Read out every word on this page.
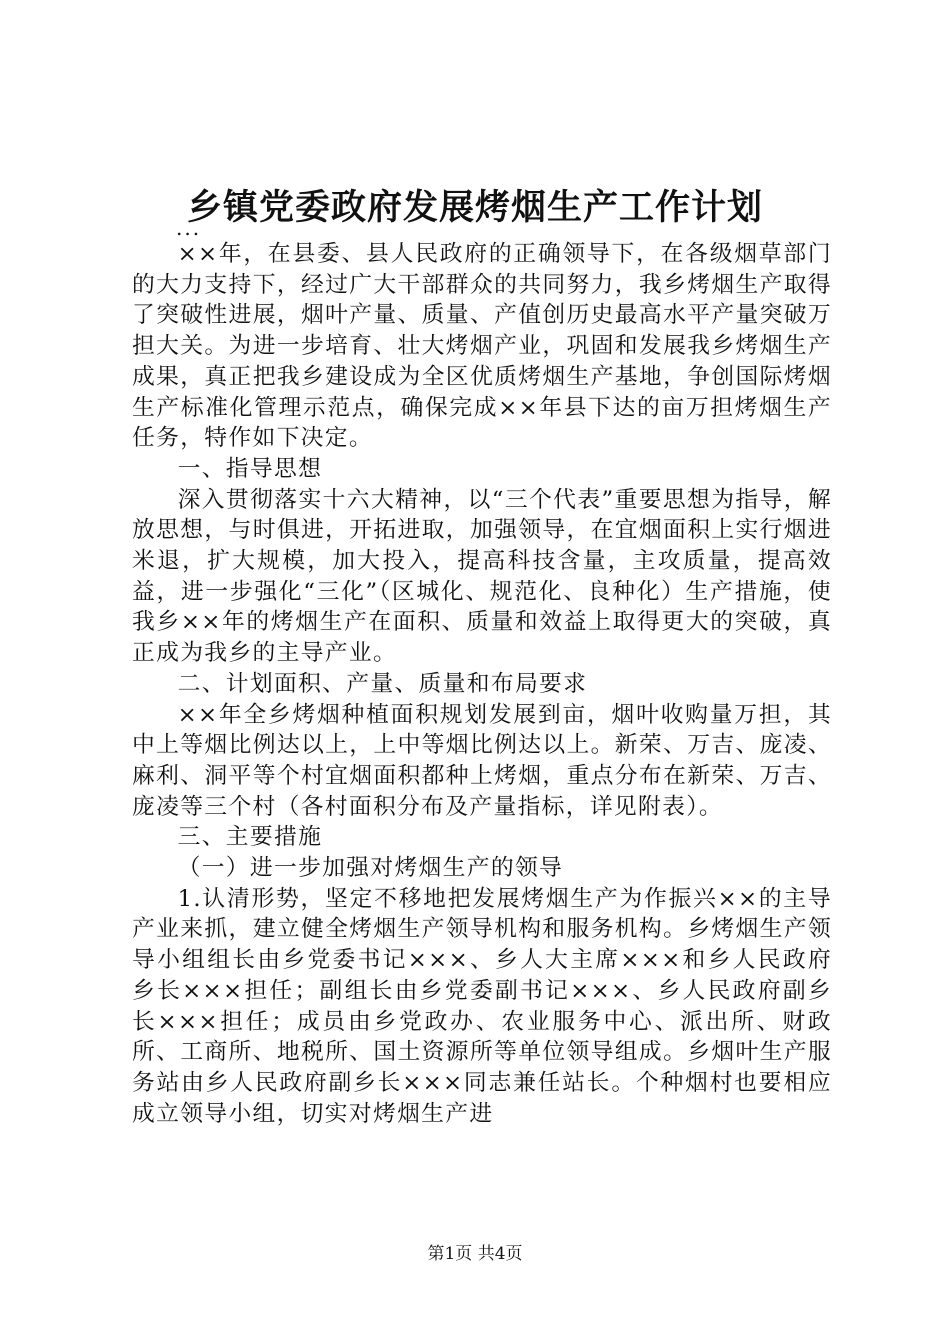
乡镇党委政府发展烤烟生产工作计划
...

××年，在县委、县人民政府的正确领导下，在各级烟草部门的大力支持下，经过广大干部群众的共同努力，我乡烤烟生产取得了突破性进展，烟叶产量、质量、产值创历史最高水平产量突破万担大关。为进一步培育、壮大烤烟产业，巩固和发展我乡烤烟生产成果，真正把我乡建设成为全区优质烤烟生产基地，争创国际烤烟生产标准化管理示范点，确保完成××年县下达的亩万担烤烟生产任务，特作如下决定。

一、指导思想

深入贯彻落实十六大精神，以“三个代表”重要思想为指导，解放思想，与时俱进，开拓进取，加强领导，在宜烟面积上实行烟进米退，扩大规模，加大投入，提高科技含量，主攻质量，提高效益，进一步强化“三化”（区城化、规范化、良种化）生产措施，使我乡××年的烤烟生产在面积、质量和效益上取得更大的突破，真正成为我乡的主导产业。

二、计划面积、产量、质量和布局要求

××年全乡烤烟种植面积规划发展到亩，烟叶收购量万担，其中上等烟比例达以上，上中等烟比例达以上。新荣、万吉、庞凌、麻利、洞平等个村宜烟面积都种上烤烟，重点分布在新荣、万吉、庞凌等三个村（各村面积分布及产量指标，详见附表）。

三、主要措施

（一）进一步加强对烤烟生产的领导

1.认清形势，坚定不移地把发展烤烟生产为作振兴××的主导产业来抓，建立健全烤烟生产领导机构和服务机构。乡烤烟生产领导小组组长由乡党委书记×××、乡人大主席×××和乡人民政府乡长×××担任；副组长由乡党委副书记×××、乡人民政府副乡长×××担任；成员由乡党政办、农业服务中心、派出所、财政所、工商所、地税所、国土资源所等单位领导组成。乡烟叶生产服务站由乡人民政府副乡长×××同志兼任站长。个种烟村也要相应成立领导小组，切实对烤烟生产进

第1页 共4页
